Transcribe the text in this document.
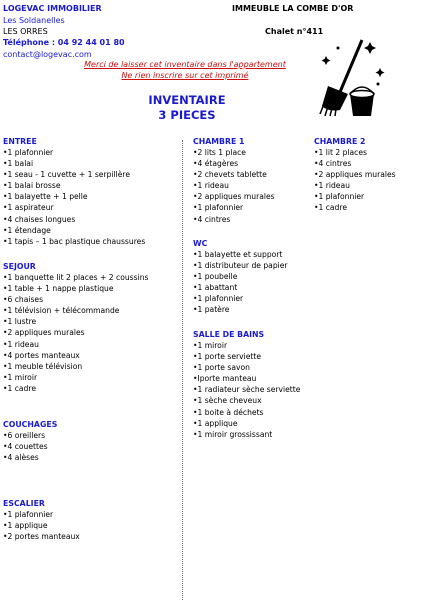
LOGEVAC IMMOBILIER	IMMEUBLE LA COMBE D'OR
Les Soldanelles
LES ORRES	Chalet n°411
Téléphone : 04 92 44 01 80
contact@logevac.com
Merci de laisser cet inventaire dans l'appartement
Ne rien inscrire sur cet imprimé
INVENTAIRE
3 PIECES
ENTREE
•1 plafonnier
•1 balai
•1 seau - 1 cuvette + 1 serpillère
•1 balai brosse
•1 balayette + 1 pelle
•1 aspirateur
•4 chaises longues
•1 étendage
•1 tapis – 1 bac plastique chaussures
SEJOUR
•1 banquette lit 2 places + 2 coussins
•1 table + 1 nappe plastique
•6 chaises
•1 télévision + télécommande
•1 lustre
•2 appliques murales
•1 rideau
•4 portes manteaux
•1 meuble télévision
•1 miroir
•1 cadre
COUCHAGES
•6 oreillers
•4 couettes
•4 alèses
ESCALIER
•1 plafonnier
•1 applique
•2 portes manteaux
CHAMBRE 1
•2 lits 1 place
•4 étagères
•2 chevets tablette
•1 rideau
•2 appliques murales
•1 plafonnier
•4 cintres
WC
•1 balayette et support
•1 distributeur de papier
•1 poubelle
•1 abattant
•1 plafonnier
•1 patère
SALLE DE BAINS
•1 miroir
•1 porte serviette
•1 porte savon
•Iporte manteau
•1 radiateur sèche serviette
•1 sèche cheveux
•1 boite à déchets
•1 applique
•1 miroir grossissant
CHAMBRE 2
•1 lit 2 places
•4 cintres
•2 appliques murales
•1 rideau
•1 plafonnier
•1 cadre
